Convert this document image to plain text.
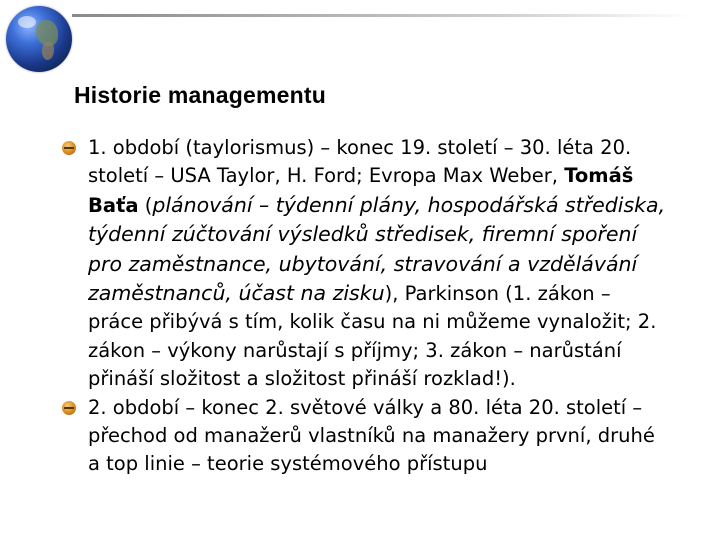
Historie managementu
1. období (taylorismus) – konec 19. století – 30. léta 20. století – USA Taylor, H. Ford; Evropa Max Weber, Tomáš Baťa (plánování – týdenní plány, hospodářská střediska, týdenní zúčtování výsledků středisek, firemní spoření pro zaměstnance, ubytování, stravování a vzdělávání zaměstnanců, účast na zisku), Parkinson (1. zákon – práce přibývá s tím, kolik času na ni můžeme vynaložit; 2. zákon – výkony narůstají s příjmy; 3. zákon – narůstání přináší složitost a složitost přináší rozklad!).
2. období – konec 2. světové války a 80. léta 20. století – přechod od manažerů vlastníků na manažery první, druhé a top linie – teorie systémového přístupu
